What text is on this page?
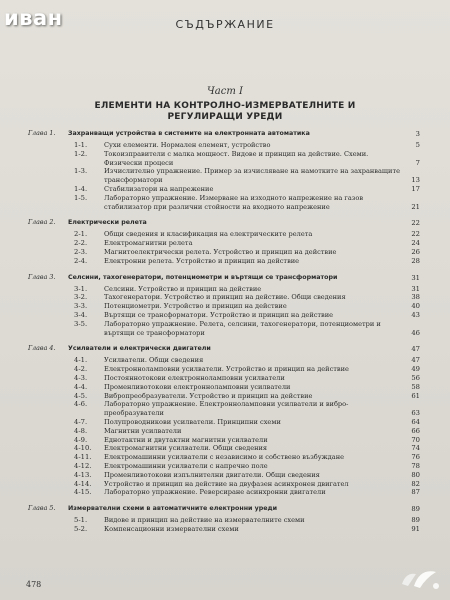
иван	СЪДЪРЖАНИЕ
Част I
ЕЛЕМЕНТИ НА КОНТРОЛНО-ИЗМЕРВАТЕЛНИТЕ И РЕГУЛИРАЩИ УРЕДИ
Глава 1.	Захранващи устройства в системите на електронната автоматика	3
1-1.	Сухи елементи. Нормален елемент, устройство	5
1-2.	Токоизправители с малка мощност. Видове и принцип на действие. Схеми. Физически процеси	7
1-3.	Изчислително упражнение. Пример за изчисляване на намотките на захранващите трансформатори	13
1-4.	Стабилизатори на напрежение	17
1-5.	Лабораторно упражнение. Измерване на изходното напрежение на газов стабилизатор при различни стойности на входното напрежение	21
Глава 2.	Електрически релета	22
2-1.	Общи сведения и класификация на електрическите релета	22
2-2.	Електромагнитни релета	24
2-3.	Магнитоелектрически релета. Устройство и принцип на действие	26
2-4.	Електронни релета. Устройство и принцип на действие	28
Глава 3.	Селсини, тахогенератори, потенциометри и въртящи се трансформатори	31
3-1.	Селсини. Устройство и принцип на действие	31
3-2.	Тахогенератори. Устройство и принцип на действие. Общи сведения	38
3-3.	Потенциометри. Устройство и принцип на действие	40
3-4.	Въртящи се трансформатори. Устройство и принцип на действие	43
3-5.	Лабораторно упражнение. Релета, селсини, тахогенератори, потенциометри и въртящи се трансформатори	46
Глава 4.	Усилватели и електрически двигатели	47
4-1.	Усилватели. Общи сведения	47
4-2.	Електронноламповни усилватели. Устройство и принцип на действие	49
4-3.	Постояннотокови електронноламповни усилватели	56
4-4.	Променливотокови електронноламповни усилватели	58
4-5.	Вибропреобразуватели. Устройство и принцип на действие	61
4-6.	Лабораторно упражнение. Електронноламповни усилватели и вибро-преобразуватели	63
4-7.	Полупроводникови усилватели. Принципни схеми	64
4-8.	Магнитни усилватели	66
4-9.	Еднотактни и двутактни магнитни усилватели	70
4-10.	Електромагнитни усилватели. Общи сведения	74
4-11.	Електромашинни усилватели с независимо и собствено възбуждане	76
4-12.	Електромашинни усилватели с напречно поле	78
4-13.	Променливотокови изпълнителни двигатели. Общи сведения	80
4-14.	Устройство и принцип на действие на двуфазен асинхронен двигател	82
4-15.	Лабораторно упражнение. Реверсиране асинхронни двигатели	87
Глава 5.	Измервателни схеми в автоматичните електронни уреди	89
5-1.	Видове и принцип на действие на измервателните схеми	89
5-2.	Компенсационни измервателни схеми	91
478
